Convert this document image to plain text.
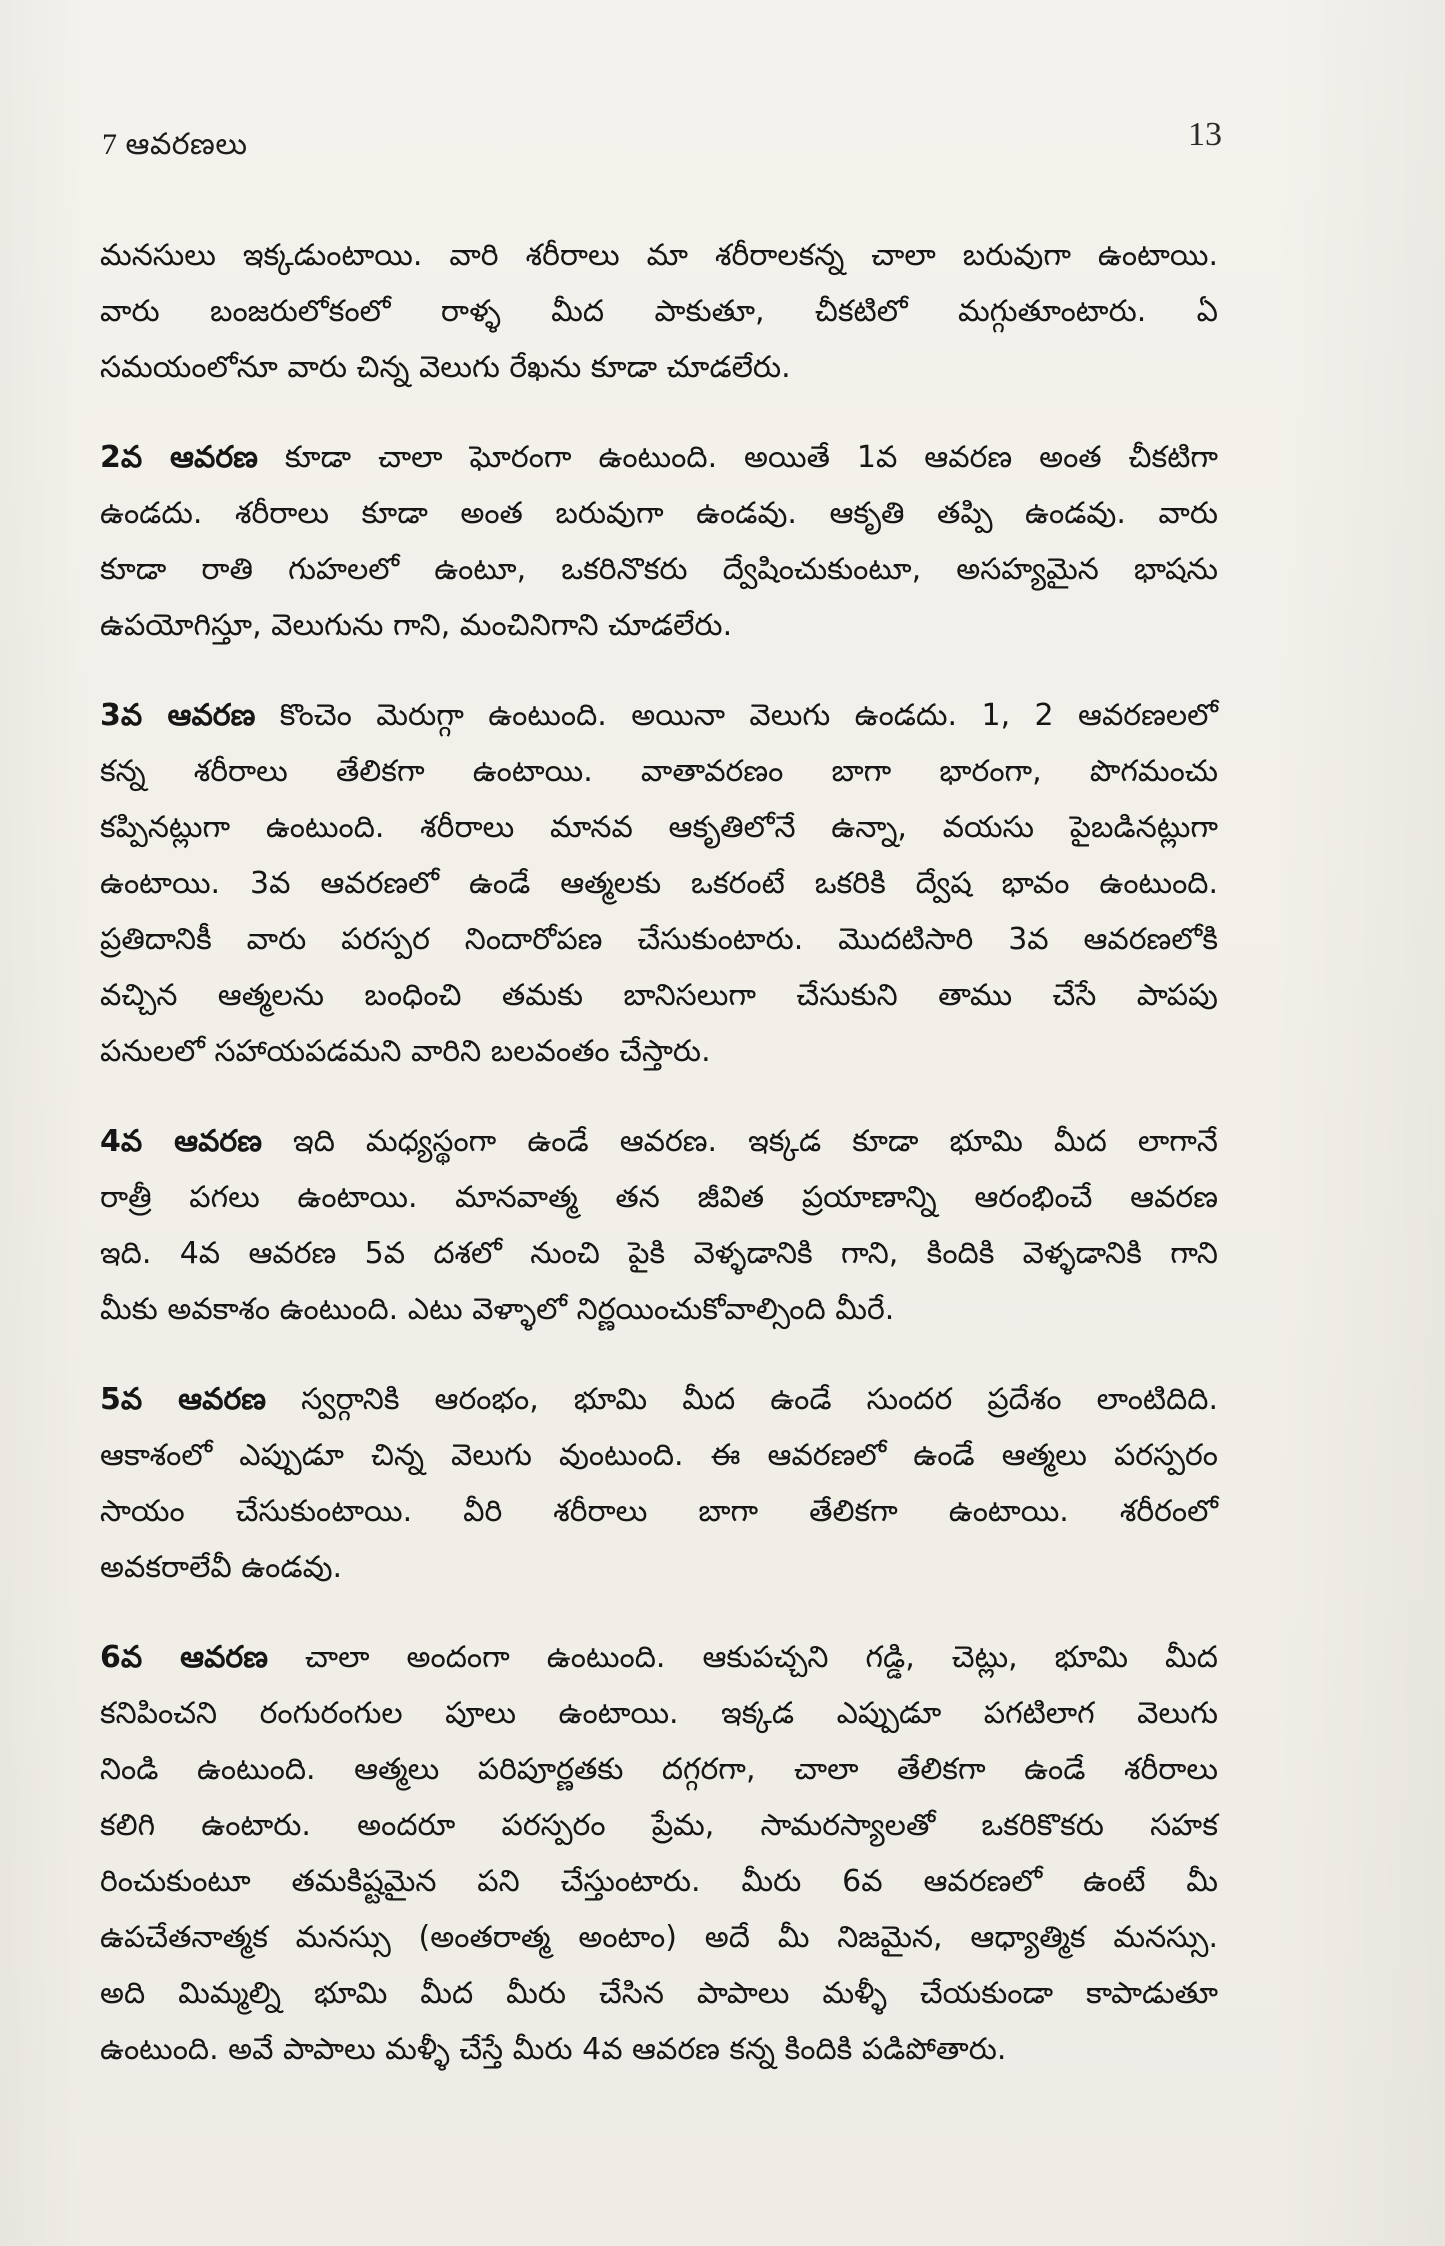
7 ఆవరణలు	13

మనసులు ఇక్కడుంటాయి. వారి శరీరాలు మా శరీరాలకన్న చాలా బరువుగా ఉంటాయి.
వారు బంజరులోకంలో రాళ్ళ మీద పాకుతూ, చీకటిలో మగ్గుతూంటారు. ఏ
సమయంలోనూ వారు చిన్న వెలుగు రేఖను కూడా చూడలేరు.

2వ ఆవరణ కూడా చాలా ఘోరంగా ఉంటుంది. అయితే 1వ ఆవరణ అంత చీకటిగా
ఉండదు. శరీరాలు కూడా అంత బరువుగా ఉండవు. ఆకృతి తప్పి ఉండవు. వారు
కూడా రాతి గుహలలో ఉంటూ, ఒకరినొకరు ద్వేషించుకుంటూ, అసహ్యమైన భాషను
ఉపయోగిస్తూ, వెలుగును గాని, మంచినిగాని చూడలేరు.

3వ ఆవరణ కొంచెం మెరుగ్గా ఉంటుంది. అయినా వెలుగు ఉండదు. 1, 2 ఆవరణలలో
కన్న శరీరాలు తేలికగా ఉంటాయి. వాతావరణం బాగా భారంగా, పొగమంచు
కప్పినట్లుగా ఉంటుంది. శరీరాలు మానవ ఆకృతిలోనే ఉన్నా, వయసు పైబడినట్లుగా
ఉంటాయి. 3వ ఆవరణలో ఉండే ఆత్మలకు ఒకరంటే ఒకరికి ద్వేష భావం ఉంటుంది.
ప్రతిదానికీ వారు పరస్పర నిందారోపణ చేసుకుంటారు. మొదటిసారి 3వ ఆవరణలోకి
వచ్చిన ఆత్మలను బంధించి తమకు బానిసలుగా చేసుకుని తాము చేసే పాపపు
పనులలో సహాయపడమని వారిని బలవంతం చేస్తారు.

4వ ఆవరణ ఇది మధ్యస్థంగా ఉండే ఆవరణ. ఇక్కడ కూడా భూమి మీద లాగానే
రాత్రీ పగలు ఉంటాయి. మానవాత్మ తన జీవిత ప్రయాణాన్ని ఆరంభించే ఆవరణ
ఇది. 4వ ఆవరణ 5వ దశలో నుంచి పైకి వెళ్ళడానికి గాని, కిందికి వెళ్ళడానికి గాని
మీకు అవకాశం ఉంటుంది. ఎటు వెళ్ళాలో నిర్ణయించుకోవాల్సింది మీరే.

5వ ఆవరణ స్వర్గానికి ఆరంభం, భూమి మీద ఉండే సుందర ప్రదేశం లాంటిదిది.
ఆకాశంలో ఎప్పుడూ చిన్న వెలుగు వుంటుంది. ఈ ఆవరణలో ఉండే ఆత్మలు పరస్పరం
సాయం చేసుకుంటాయి. వీరి శరీరాలు బాగా తేలికగా ఉంటాయి. శరీరంలో
అవకరాలేవీ ఉండవు.

6వ ఆవరణ చాలా అందంగా ఉంటుంది. ఆకుపచ్చని గడ్డి, చెట్లు, భూమి మీద
కనిపించని రంగురంగుల పూలు ఉంటాయి. ఇక్కడ ఎప్పుడూ పగటిలాగ వెలుగు
నిండి ఉంటుంది. ఆత్మలు పరిపూర్ణతకు దగ్గరగా, చాలా తేలికగా ఉండే శరీరాలు
కలిగి ఉంటారు. అందరూ పరస్పరం ప్రేమ, సామరస్యాలతో ఒకరికొకరు సహక
రించుకుంటూ తమకిష్టమైన పని చేస్తుంటారు. మీరు 6వ ఆవరణలో ఉంటే మీ
ఉపచేతనాత్మక మనస్సు (అంతరాత్మ అంటాం) అదే మీ నిజమైన, ఆధ్యాత్మిక మనస్సు.
అది మిమ్మల్ని భూమి మీద మీరు చేసిన పాపాలు మళ్ళీ చేయకుండా కాపాడుతూ
ఉంటుంది. అవే పాపాలు మళ్ళీ చేస్తే మీరు 4వ ఆవరణ కన్న కిందికి పడిపోతారు.
